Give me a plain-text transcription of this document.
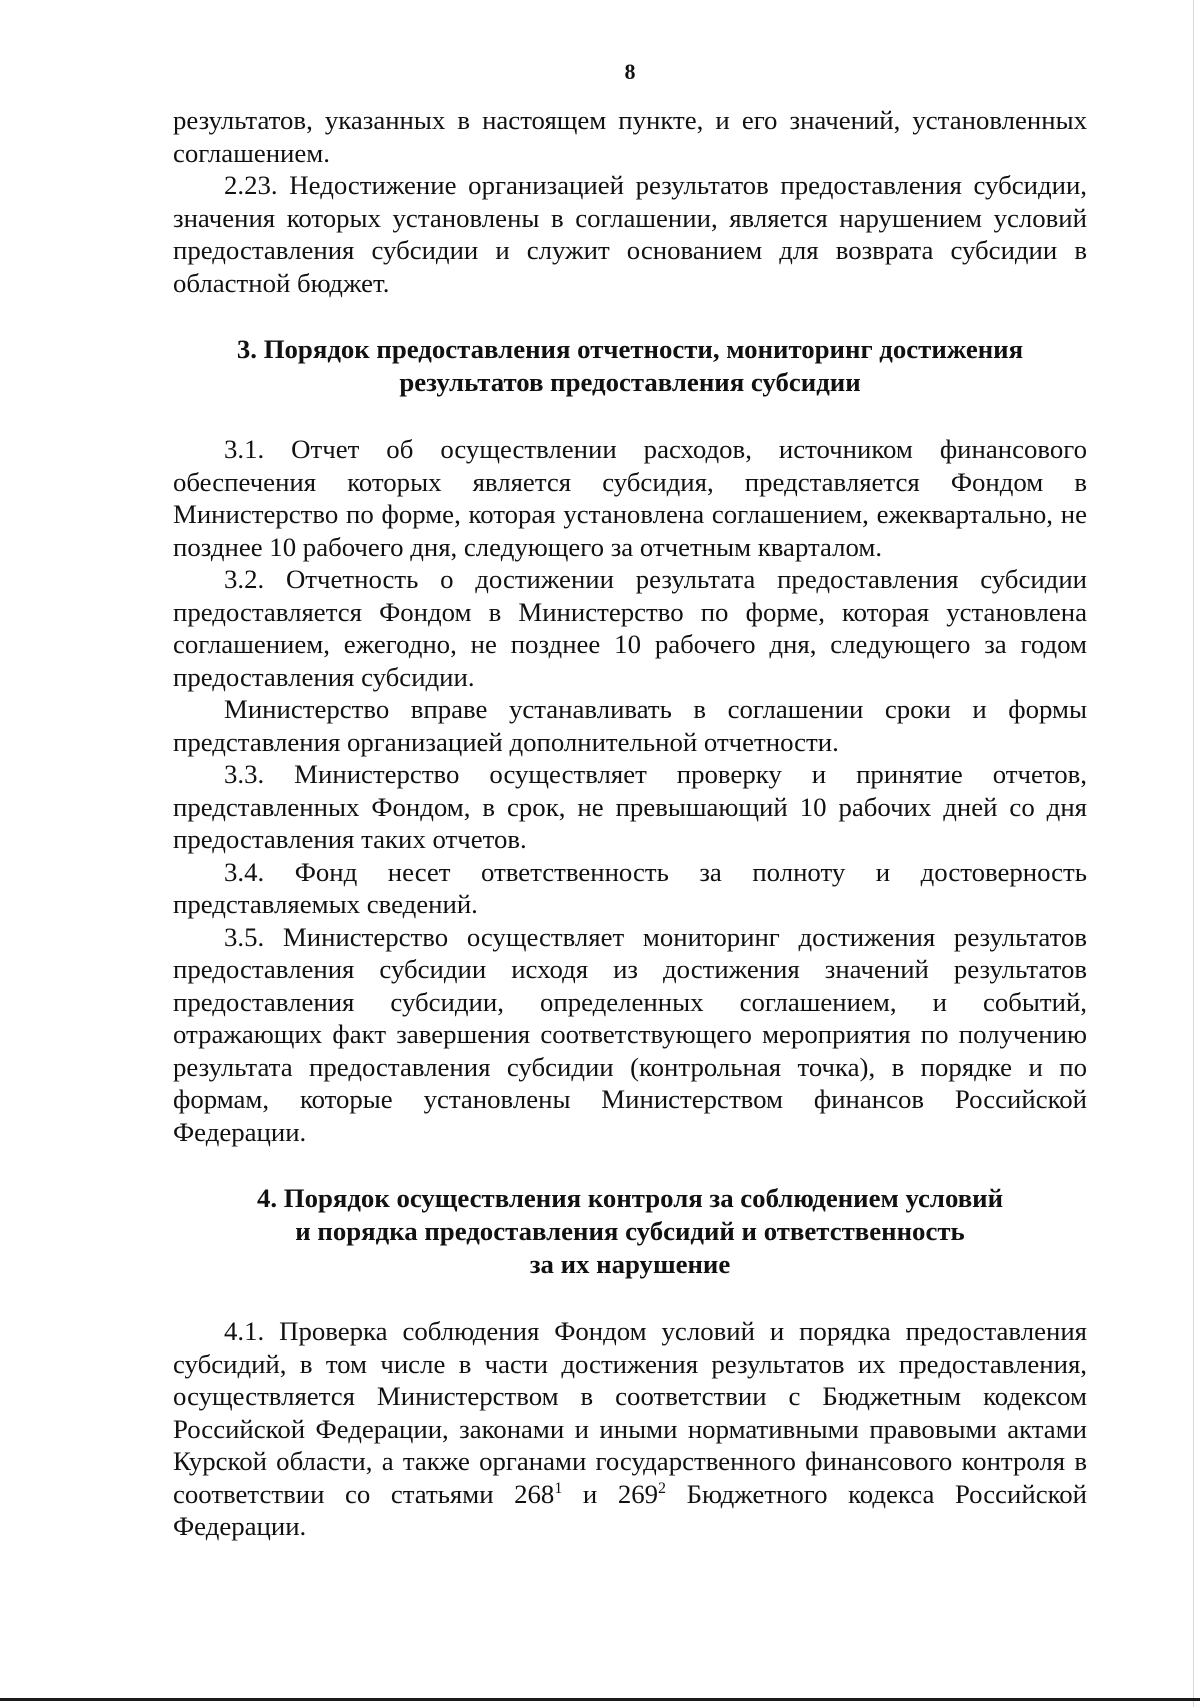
8

результатов, указанных в настоящем пункте, и его значений, установленных соглашением.

2.23. Недостижение организацией результатов предоставления субсидии, значения которых установлены в соглашении, является нарушением условий предоставления субсидии и служит основанием для возврата субсидии в областной бюджет.

3. Порядок предоставления отчетности, мониторинг достижения
результатов предоставления субсидии

3.1. Отчет об осуществлении расходов, источником финансового обеспечения которых является субсидия, представляется Фондом в Министерство по форме, которая установлена соглашением, ежеквартально, не позднее 10 рабочего дня, следующего за отчетным кварталом.

3.2. Отчетность о достижении результата предоставления субсидии предоставляется Фондом в Министерство по форме, которая установлена соглашением, ежегодно, не позднее 10 рабочего дня, следующего за годом предоставления субсидии.

Министерство вправе устанавливать в соглашении сроки и формы представления организацией дополнительной отчетности.

3.3. Министерство осуществляет проверку и принятие отчетов, представленных Фондом, в срок, не превышающий 10 рабочих дней со дня предоставления таких отчетов.

3.4. Фонд несет ответственность за полноту и достоверность представляемых сведений.

3.5. Министерство осуществляет мониторинг достижения результатов предоставления субсидии исходя из достижения значений результатов предоставления субсидии, определенных соглашением, и событий, отражающих факт завершения соответствующего мероприятия по получению результата предоставления субсидии (контрольная точка), в порядке и по формам, которые установлены Министерством финансов Российской Федерации.

4. Порядок осуществления контроля за соблюдением условий
и порядка предоставления субсидий и ответственность
за их нарушение

4.1. Проверка соблюдения Фондом условий и порядка предоставления субсидий, в том числе в части достижения результатов их предоставления, осуществляется Министерством в соответствии с Бюджетным кодексом Российской Федерации, законами и иными нормативными правовыми актами Курской области, а также органами государственного финансового контроля в соответствии со статьями $268^1$ и $269^2$ Бюджетного кодекса Российской Федерации.
